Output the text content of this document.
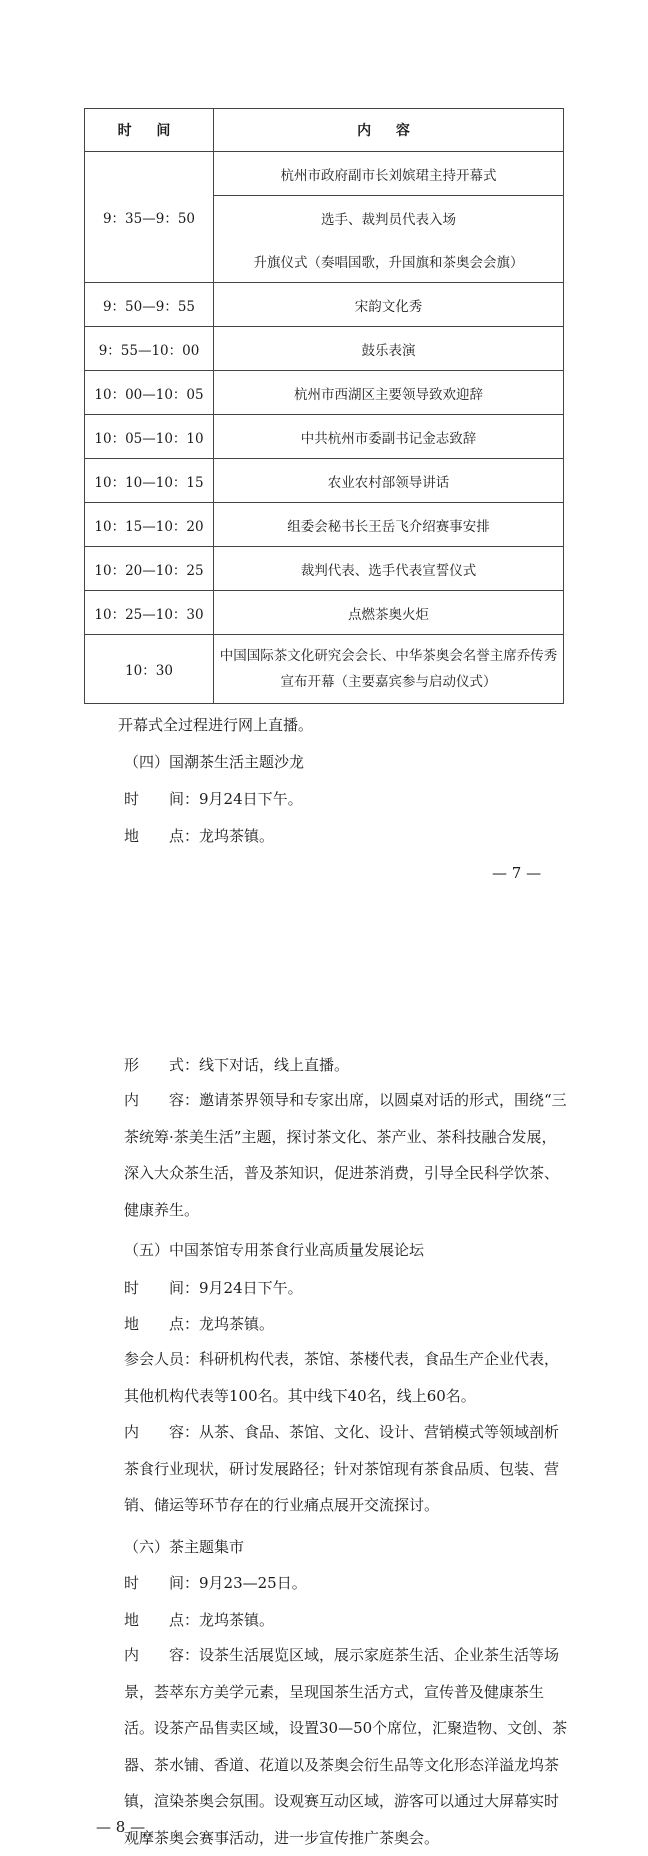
时 间	内 容
9：35—9：50	杭州市政府副市长刘嫔珺主持开幕式
	选手、裁判员代表入场
	升旗仪式（奏唱国歌，升国旗和茶奥会会旗）
9：50—9：55	宋韵文化秀
9：55—10：00	鼓乐表演
10：00—10：05	杭州市西湖区主要领导致欢迎辞
10：05—10：10	中共杭州市委副书记金志致辞
10：10—10：15	农业农村部领导讲话
10：15—10：20	组委会秘书长王岳飞介绍赛事安排
10：20—10：25	裁判代表、选手代表宣誓仪式
10：25—10：30	点燃茶奥火炬
10：30	中国国际茶文化研究会会长、中华茶奥会名誉主席乔传秀宣布开幕（主要嘉宾参与启动仪式）
开幕式全过程进行网上直播。
（四）国潮茶生活主题沙龙
时　　间：9月24日下午。
地　　点：龙坞茶镇。
— 7 —
形　　式：线下对话，线上直播。

内　　容：邀请茶界领导和专家出席，以圆桌对话的形式，围绕“三茶统筹·茶美生活”主题，探讨茶文化、茶产业、茶科技融合发展，深入大众茶生活，普及茶知识，促进茶消费，引导全民科学饮茶、健康养生。

（五）中国茶馆专用茶食行业高质量发展论坛
时　　间：9月24日下午。
地　　点：龙坞茶镇。

参会人员：科研机构代表，茶馆、茶楼代表，食品生产企业代表，其他机构代表等100名。其中线下40名，线上60名。

内　　容：从茶、食品、茶馆、文化、设计、营销模式等领域剖析茶食行业现状，研讨发展路径；针对茶馆现有茶食品质、包装、营销、储运等环节存在的行业痛点展开交流探讨。

（六）茶主题集市
时　　间：9月23—25日。
地　　点：龙坞茶镇。

内　　容：设茶生活展览区域，展示家庭茶生活、企业茶生活等场景，荟萃东方美学元素，呈现国茶生活方式，宣传普及健康茶生活。设茶产品售卖区域，设置30—50个席位，汇聚造物、文创、茶器、茶水铺、香道、花道以及茶奥会衍生品等文化形态洋溢龙坞茶镇，渲染茶奥会氛围。设观赛互动区域，游客可以通过大屏幕实时观摩茶奥会赛事活动，进一步宣传推广茶奥会。

— 8 —
